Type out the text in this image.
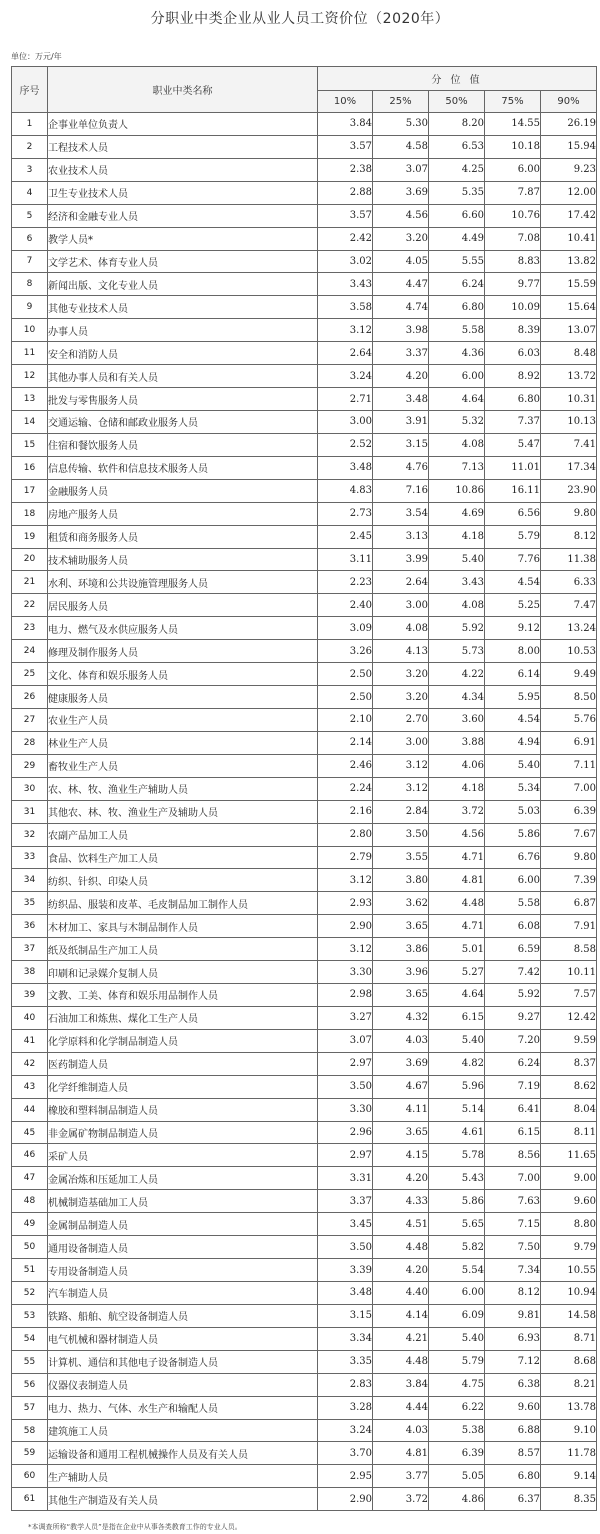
分职业中类企业从业人员工资价位（2020年）
单位：万元/年
序号	职业中类名称	分 位 值				
		10%	25%	50%	75%	90%
1	企事业单位负责人	3.84	5.30	8.20	14.55	26.19
2	工程技术人员	3.57	4.58	6.53	10.18	15.94
3	农业技术人员	2.38	3.07	4.25	6.00	9.23
4	卫生专业技术人员	2.88	3.69	5.35	7.87	12.00
5	经济和金融专业人员	3.57	4.56	6.60	10.76	17.42
6	教学人员*	2.42	3.20	4.49	7.08	10.41
7	文学艺术、体育专业人员	3.02	4.05	5.55	8.83	13.82
8	新闻出版、文化专业人员	3.43	4.47	6.24	9.77	15.59
9	其他专业技术人员	3.58	4.74	6.80	10.09	15.64
10	办事人员	3.12	3.98	5.58	8.39	13.07
11	安全和消防人员	2.64	3.37	4.36	6.03	8.48
12	其他办事人员和有关人员	3.24	4.20	6.00	8.92	13.72
13	批发与零售服务人员	2.71	3.48	4.64	6.80	10.31
14	交通运输、仓储和邮政业服务人员	3.00	3.91	5.32	7.37	10.13
15	住宿和餐饮服务人员	2.52	3.15	4.08	5.47	7.41
16	信息传输、软件和信息技术服务人员	3.48	4.76	7.13	11.01	17.34
17	金融服务人员	4.83	7.16	10.86	16.11	23.90
18	房地产服务人员	2.73	3.54	4.69	6.56	9.80
19	租赁和商务服务人员	2.45	3.13	4.18	5.79	8.12
20	技术辅助服务人员	3.11	3.99	5.40	7.76	11.38
21	水利、环境和公共设施管理服务人员	2.23	2.64	3.43	4.54	6.33
22	居民服务人员	2.40	3.00	4.08	5.25	7.47
23	电力、燃气及水供应服务人员	3.09	4.08	5.92	9.12	13.24
24	修理及制作服务人员	3.26	4.13	5.73	8.00	10.53
25	文化、体育和娱乐服务人员	2.50	3.20	4.22	6.14	9.49
26	健康服务人员	2.50	3.20	4.34	5.95	8.50
27	农业生产人员	2.10	2.70	3.60	4.54	5.76
28	林业生产人员	2.14	3.00	3.88	4.94	6.91
29	畜牧业生产人员	2.46	3.12	4.06	5.40	7.11
30	农、林、牧、渔业生产辅助人员	2.24	3.12	4.18	5.34	7.00
31	其他农、林、牧、渔业生产及辅助人员	2.16	2.84	3.72	5.03	6.39
32	农副产品加工人员	2.80	3.50	4.56	5.86	7.67
33	食品、饮料生产加工人员	2.79	3.55	4.71	6.76	9.80
34	纺织、针织、印染人员	3.12	3.80	4.81	6.00	7.39
35	纺织品、服装和皮革、毛皮制品加工制作人员	2.93	3.62	4.48	5.58	6.87
36	木材加工、家具与木制品制作人员	2.90	3.65	4.71	6.08	7.91
37	纸及纸制品生产加工人员	3.12	3.86	5.01	6.59	8.58
38	印刷和记录媒介复制人员	3.30	3.96	5.27	7.42	10.11
39	文教、工美、体育和娱乐用品制作人员	2.98	3.65	4.64	5.92	7.57
40	石油加工和炼焦、煤化工生产人员	3.27	4.32	6.15	9.27	12.42
41	化学原料和化学制品制造人员	3.07	4.03	5.40	7.20	9.59
42	医药制造人员	2.97	3.69	4.82	6.24	8.37
43	化学纤维制造人员	3.50	4.67	5.96	7.19	8.62
44	橡胶和塑料制品制造人员	3.30	4.11	5.14	6.41	8.04
45	非金属矿物制品制造人员	2.96	3.65	4.61	6.15	8.11
46	采矿人员	2.97	4.15	5.78	8.56	11.65
47	金属冶炼和压延加工人员	3.31	4.20	5.43	7.00	9.00
48	机械制造基础加工人员	3.37	4.33	5.86	7.63	9.60
49	金属制品制造人员	3.45	4.51	5.65	7.15	8.80
50	通用设备制造人员	3.50	4.48	5.82	7.50	9.79
51	专用设备制造人员	3.39	4.20	5.54	7.34	10.55
52	汽车制造人员	3.48	4.40	6.00	8.12	10.94
53	铁路、船舶、航空设备制造人员	3.15	4.14	6.09	9.81	14.58
54	电气机械和器材制造人员	3.34	4.21	5.40	6.93	8.71
55	计算机、通信和其他电子设备制造人员	3.35	4.48	5.79	7.12	8.68
56	仪器仪表制造人员	2.83	3.84	4.75	6.38	8.21
57	电力、热力、气体、水生产和输配人员	3.28	4.44	6.22	9.60	13.78
58	建筑施工人员	3.24	4.03	5.38	6.88	9.10
59	运输设备和通用工程机械操作人员及有关人员	3.70	4.81	6.39	8.57	11.78
60	生产辅助人员	2.95	3.77	5.05	6.80	9.14
61	其他生产制造及有关人员	2.90	3.72	4.86	6.37	8.35
*本调查所称“教学人员”是指在企业中从事各类教育工作的专业人员。
